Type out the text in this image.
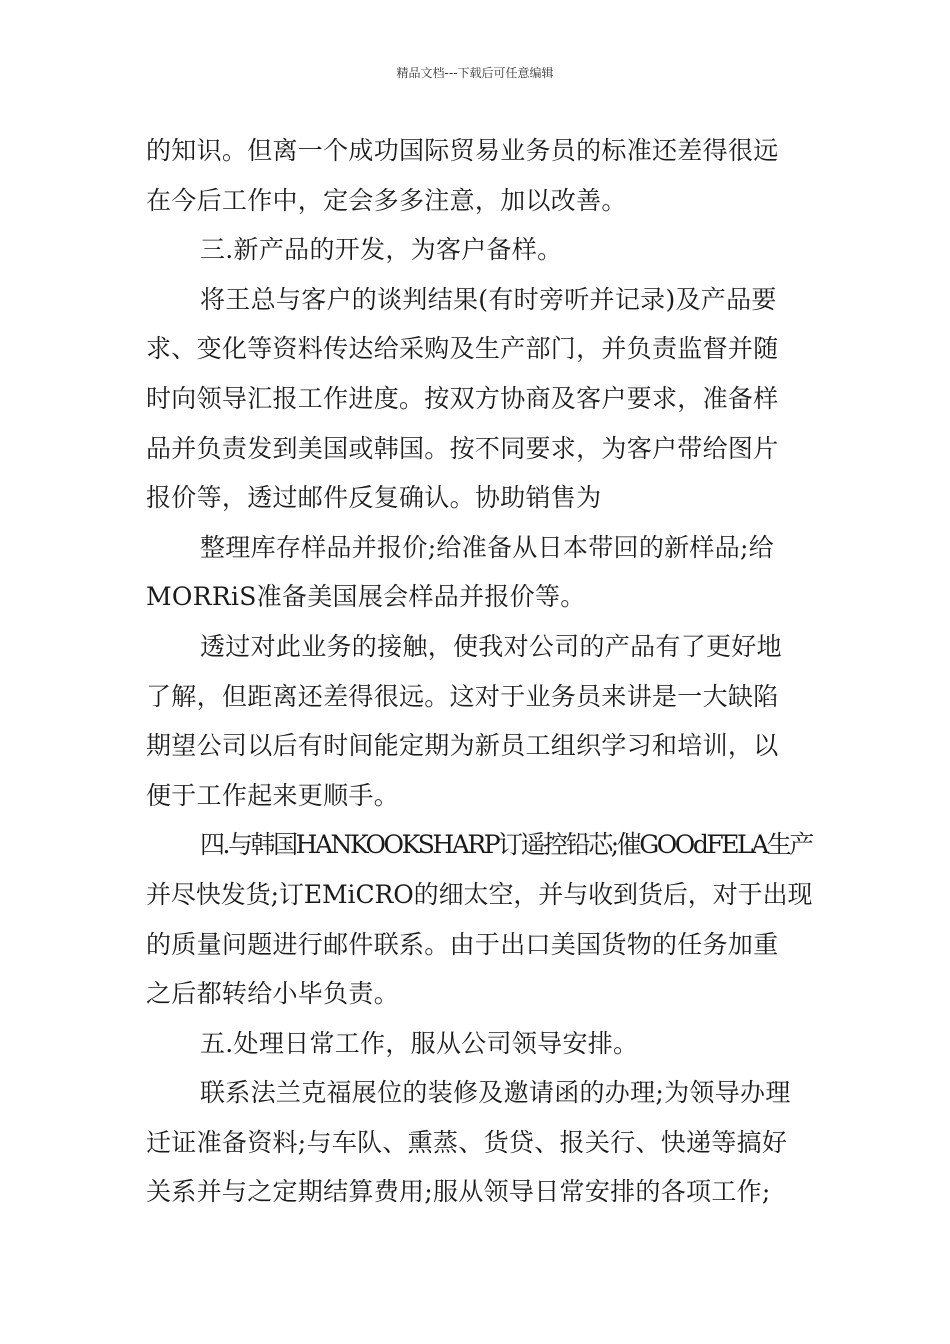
精品文档---下载后可任意编辑
的知识。但离一个成功国际贸易业务员的标准还差得很远
在今后工作中，定会多多注意，加以改善。
三.新产品的开发，为客户备样。
将王总与客户的谈判结果(有时旁听并记录)及产品要
求、变化等资料传达给采购及生产部门，并负责监督并随
时向领导汇报工作进度。按双方协商及客户要求，准备样
品并负责发到美国或韩国。按不同要求，为客户带给图片
报价等，透过邮件反复确认。协助销售为
整理库存样品并报价;给准备从日本带回的新样品;给
MORRiS准备美国展会样品并报价等。
透过对此业务的接触，使我对公司的产品有了更好地
了解，但距离还差得很远。这对于业务员来讲是一大缺陷
期望公司以后有时间能定期为新员工组织学习和培训，以
便于工作起来更顺手。
四.与韩国HANKOOKSHARP订遥控铅芯;催GOOdFELA生产
并尽快发货;订EMiCRO的细太空，并与收到货后，对于出现
的质量问题进行邮件联系。由于出口美国货物的任务加重
之后都转给小毕负责。
五.处理日常工作，服从公司领导安排。
联系法兰克福展位的装修及邀请函的办理;为领导办理
迁证准备资料;与车队、熏蒸、货贷、报关行、快递等搞好
关系并与之定期结算费用;服从领导日常安排的各项工作;
